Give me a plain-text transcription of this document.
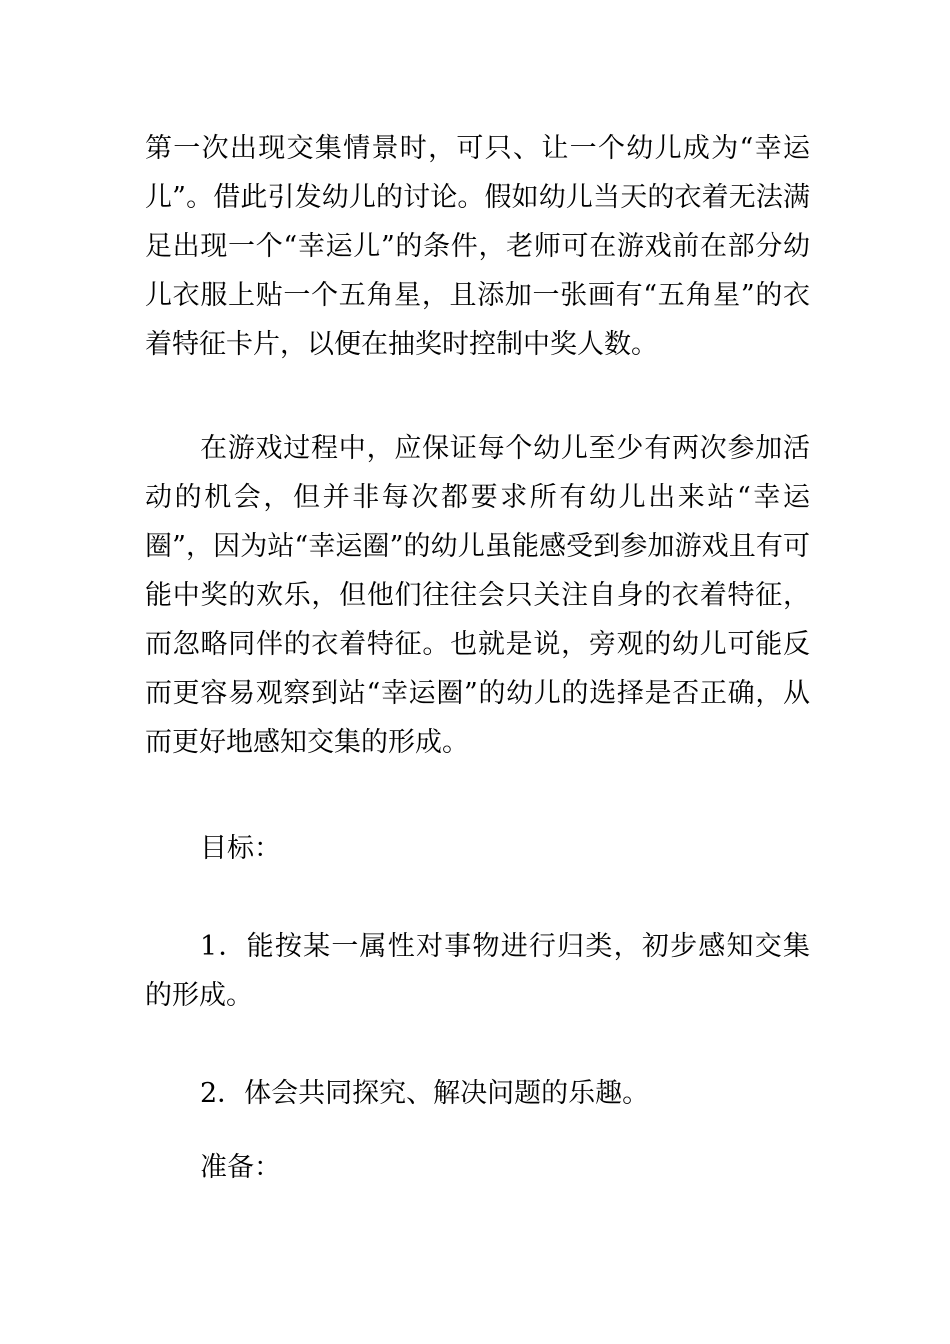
第一次出现交集情景时，可只、让一个幼儿成为“幸运儿”。借此引发幼儿的讨论。假如幼儿当天的衣着无法满足出现一个“幸运儿”的条件，老师可在游戏前在部分幼儿衣服上贴一个五角星，且添加一张画有“五角星”的衣着特征卡片，以便在抽奖时控制中奖人数。

在游戏过程中，应保证每个幼儿至少有两次参加活动的机会，但并非每次都要求所有幼儿出来站“幸运圈”，因为站“幸运圈”的幼儿虽能感受到参加游戏且有可能中奖的欢乐，但他们往往会只关注自身的衣着特征，而忽略同伴的衣着特征。也就是说，旁观的幼儿可能反而更容易观察到站“幸运圈”的幼儿的选择是否正确，从而更好地感知交集的形成。

目标：

1．能按某一属性对事物进行归类，初步感知交集的形成。

2．体会共同探究、解决问题的乐趣。

准备：
